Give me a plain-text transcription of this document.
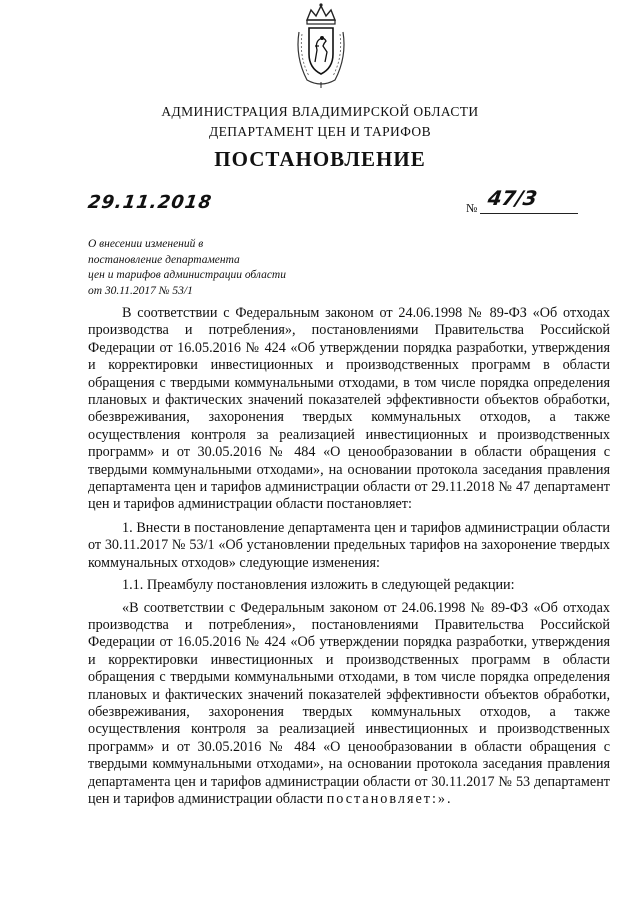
АДМИНИСТРАЦИЯ ВЛАДИМИРСКОЙ ОБЛАСТИ
ДЕПАРТАМЕНТ ЦЕН И ТАРИФОВ
ПОСТАНОВЛЕНИЕ
29.11.2018	№ 47/3
О внесении изменений в
постановление департамента
цен и тарифов администрации области
от 30.11.2017 № 53/1

В соответствии с Федеральным законом от 24.06.1998 № 89-ФЗ «Об отходах производства и потребления», постановлениями Правительства Российской Федерации от 16.05.2016 № 424 «Об утверждении порядка разработки, утверждения и корректировки инвестиционных и производственных программ в области обращения с твердыми коммунальными отходами, в том числе порядка определения плановых и фактических значений показателей эффективности объектов обработки, обезвреживания, захоронения твердых коммунальных отходов, а также осуществления контроля за реализацией инвестиционных и производственных программ» и от 30.05.2016 № 484 «О ценообразовании в области обращения с твердыми коммунальными отходами», на основании протокола заседания правления департамента цен и тарифов администрации области от 29.11.2018 № 47 департамент цен и тарифов администрации области постановляет:

1. Внести в постановление департамента цен и тарифов администрации области от 30.11.2017 № 53/1 «Об установлении предельных тарифов на захоронение твердых коммунальных отходов» следующие изменения:

1.1. Преамбулу постановления изложить в следующей редакции:

«В соответствии с Федеральным законом от 24.06.1998 № 89-ФЗ «Об отходах производства и потребления», постановлениями Правительства Российской Федерации от 16.05.2016 № 424 «Об утверждении порядка разработки, утверждения и корректировки инвестиционных и производственных программ в области обращения с твердыми коммунальными отходами, в том числе порядка определения плановых и фактических значений показателей эффективности объектов обработки, обезвреживания, захоронения твердых коммунальных отходов, а также осуществления контроля за реализацией инвестиционных и производственных программ» и от 30.05.2016 № 484 «О ценообразовании в области обращения с твердыми коммунальными отходами», на основании протокола заседания правления департамента цен и тарифов администрации области от 30.11.2017 № 53 департамент цен и тарифов администрации области постановляет:».
